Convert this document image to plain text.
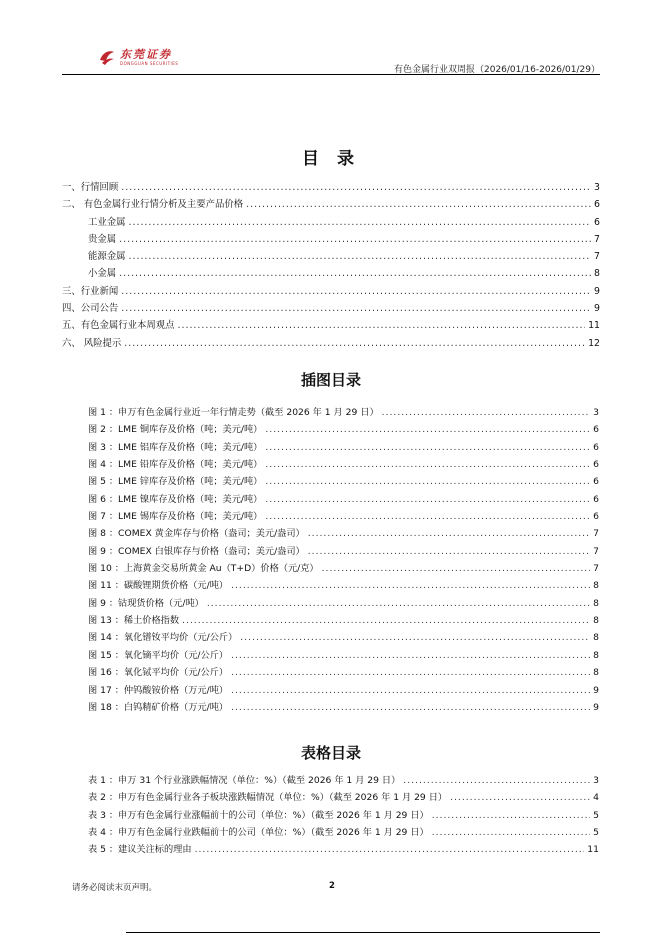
东莞证券
DONGGUAN SECURITIES
有色金属行业双周报（2026/01/16-2026/01/29）
目 录
一、行情回顾 .....	3
二、 有色金属行业行情分析及主要产品价格 .....	6
工业金属 .....	6
贵金属 .....	7
能源金属 .....	7
小金属 .....	8
三、行业新闻 .....	9
四、公司公告 .....	9
五、有色金属行业本周观点 .....	11
六、 风险提示 .....	12
插图目录
图 1 ：申万有色金属行业近一年行情走势（截至 2026 年 1 月 29 日） .....	3
图 2 ：LME 铜库存及价格（吨；美元/吨） .....	6
图 3 ：LME 铝库存及价格（吨；美元/吨） .....	6
图 4 ：LME 铅库存及价格（吨；美元/吨） .....	6
图 5 ：LME 锌库存及价格（吨；美元/吨） .....	6
图 6 ：LME 镍库存及价格（吨；美元/吨） .....	6
图 7 ：LME 锡库存及价格（吨；美元/吨） .....	6
图 8 ：COMEX 黄金库存与价格（盎司；美元/盎司） .....	7
图 9 ：COMEX 白银库存与价格（盎司；美元/盎司） .....	7
图 10 ：上海黄金交易所黄金 Au（T+D）价格（元/克） .....	7
图 11 ：碳酸锂期货价格（元/吨） .....	8
图 9 ：钴现货价格（元/吨） .....	8
图 13 ：稀土价格指数 .....	8
图 14 ：氧化镨钕平均价（元/公斤） .....	8
图 15 ：氧化镝平均价（元/公斤） .....	8
图 16 ：氧化铽平均价（元/公斤） .....	8
图 17 ：仲钨酸铵价格（万元/吨） .....	9
图 18 ：白钨精矿价格（万元/吨） .....	9
表格目录
表 1 ：申万 31 个行业涨跌幅情况（单位：%）（截至 2026 年 1 月 29 日） .....	3
表 2 ：申万有色金属行业各子板块涨跌幅情况（单位：%）（截至 2026 年 1 月 29 日） .....	4
表 3 ：申万有色金属行业涨幅前十的公司（单位：%）（截至 2026 年 1 月 29 日） .....	5
表 4 ：申万有色金属行业跌幅前十的公司（单位：%）（截至 2026 年 1 月 29 日） .....	5
表 5 ：建议关注标的理由 .....	11
请务必阅读末页声明。	2
